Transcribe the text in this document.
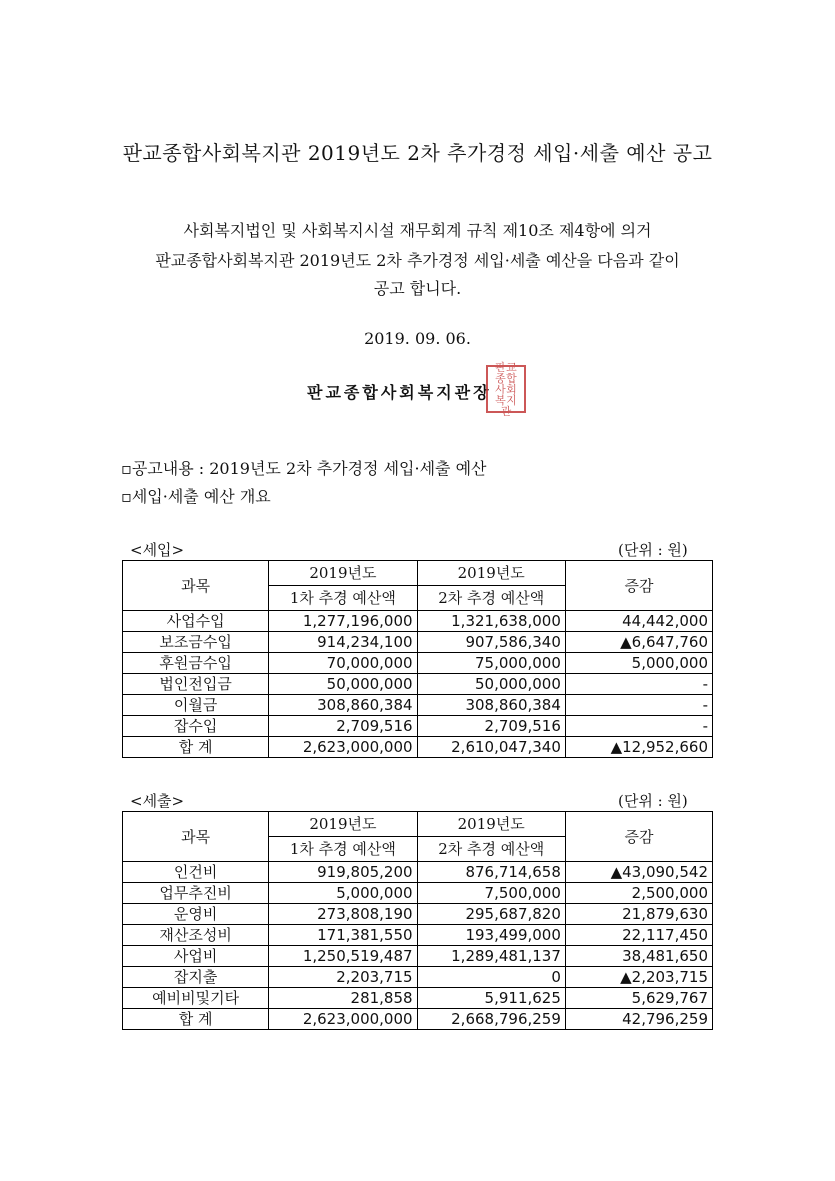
판교종합사회복지관 2019년도 2차 추가경정 세입·세출 예산 공고
사회복지법인 및 사회복지시설 재무회계 규칙 제10조 제4항에 의거
판교종합사회복지관 2019년도 2차 추가경정 세입·세출 예산을 다음과 같이
공고 합니다.
2019. 09. 06.
판교종합사회복지관장
판 교
종 합
사 회
복 지
관
▫공고내용 : 2019년도 2차 추가경정 세입·세출 예산
▫세입·세출 예산 개요
<세입>	(단위 : 원)
과목	2019년도	2019년도	증감
	1차 추경 예산액	2차 추경 예산액	
사업수입	1,277,196,000	1,321,638,000	44,442,000
보조금수입	914,234,100	907,586,340	▲6,647,760
후원금수입	70,000,000	75,000,000	5,000,000
법인전입금	50,000,000	50,000,000	-
이월금	308,860,384	308,860,384	-
잡수입	2,709,516	2,709,516	-
합 계	2,623,000,000	2,610,047,340	▲12,952,660
<세출>	(단위 : 원)
과목	2019년도	2019년도	증감
	1차 추경 예산액	2차 추경 예산액	
인건비	919,805,200	876,714,658	▲43,090,542
업무추진비	5,000,000	7,500,000	2,500,000
운영비	273,808,190	295,687,820	21,879,630
재산조성비	171,381,550	193,499,000	22,117,450
사업비	1,250,519,487	1,289,481,137	38,481,650
잡지출	2,203,715	0	▲2,203,715
예비비및기타	281,858	5,911,625	5,629,767
합 계	2,623,000,000	2,668,796,259	42,796,259
